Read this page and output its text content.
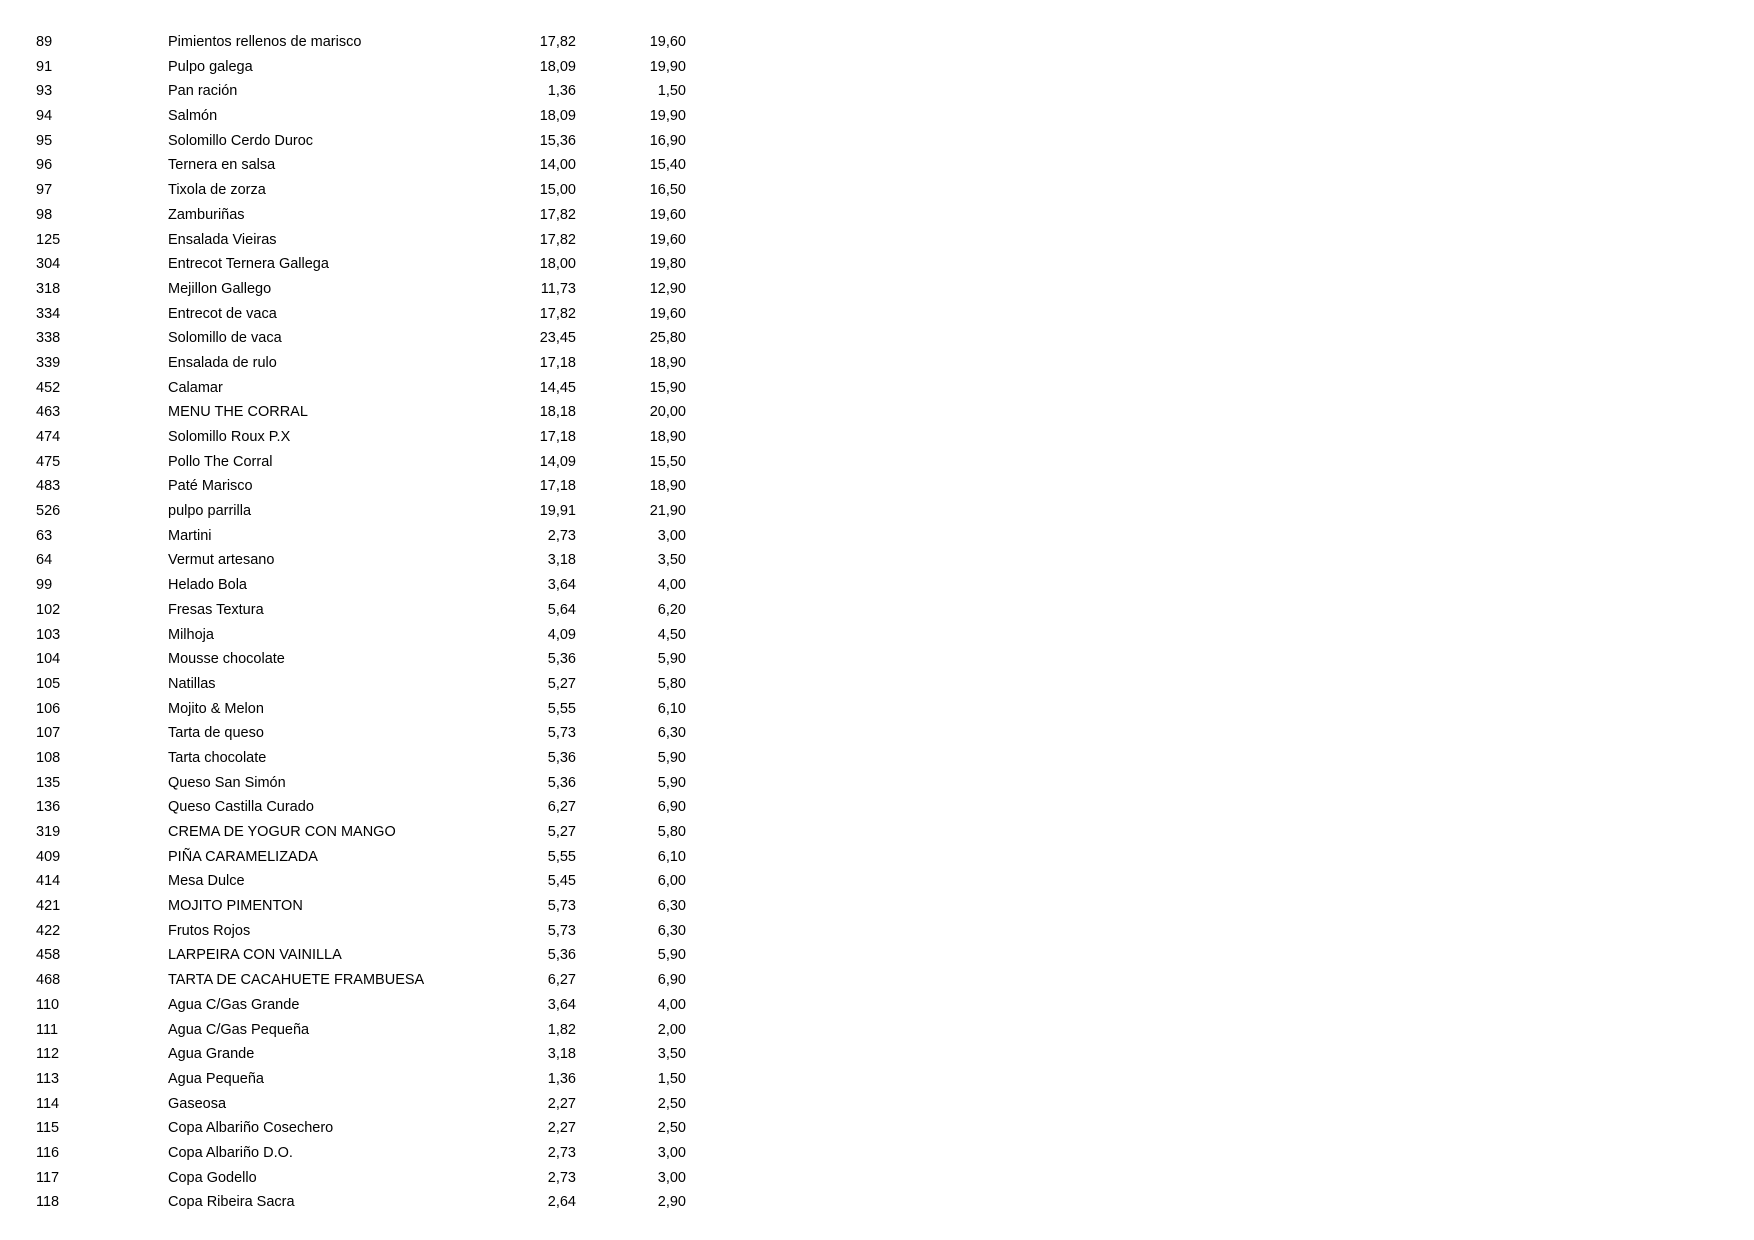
89	Pimientos rellenos de marisco	17,82	19,60
91	Pulpo galega	18,09	19,90
93	Pan ración	1,36	1,50
94	Salmón	18,09	19,90
95	Solomillo Cerdo Duroc	15,36	16,90
96	Ternera en salsa	14,00	15,40
97	Tixola de zorza	15,00	16,50
98	Zamburiñas	17,82	19,60
125	Ensalada Vieiras	17,82	19,60
304	Entrecot Ternera Gallega	18,00	19,80
318	Mejillon Gallego	11,73	12,90
334	Entrecot de vaca	17,82	19,60
338	Solomillo de vaca	23,45	25,80
339	Ensalada de rulo	17,18	18,90
452	Calamar	14,45	15,90
463	MENU THE CORRAL	18,18	20,00
474	Solomillo Roux P.X	17,18	18,90
475	Pollo The Corral	14,09	15,50
483	Paté Marisco	17,18	18,90
526	pulpo parrilla	19,91	21,90
63	Martini	2,73	3,00
64	Vermut artesano	3,18	3,50
99	Helado Bola	3,64	4,00
102	Fresas Textura	5,64	6,20
103	Milhoja	4,09	4,50
104	Mousse chocolate	5,36	5,90
105	Natillas	5,27	5,80
106	Mojito & Melon	5,55	6,10
107	Tarta de queso	5,73	6,30
108	Tarta chocolate	5,36	5,90
135	Queso San Simón	5,36	5,90
136	Queso Castilla Curado	6,27	6,90
319	CREMA DE YOGUR CON MANGO	5,27	5,80
409	PIÑA CARAMELIZADA	5,55	6,10
414	Mesa Dulce	5,45	6,00
421	MOJITO PIMENTON	5,73	6,30
422	Frutos Rojos	5,73	6,30
458	LARPEIRA CON VAINILLA	5,36	5,90
468	TARTA DE CACAHUETE FRAMBUESA	6,27	6,90
110	Agua C/Gas Grande	3,64	4,00
111	Agua C/Gas Pequeña	1,82	2,00
112	Agua Grande	3,18	3,50
113	Agua Pequeña	1,36	1,50
114	Gaseosa	2,27	2,50
115	Copa Albariño Cosechero	2,27	2,50
116	Copa Albariño D.O.	2,73	3,00
117	Copa Godello	2,73	3,00
118	Copa Ribeira Sacra	2,64	2,90
